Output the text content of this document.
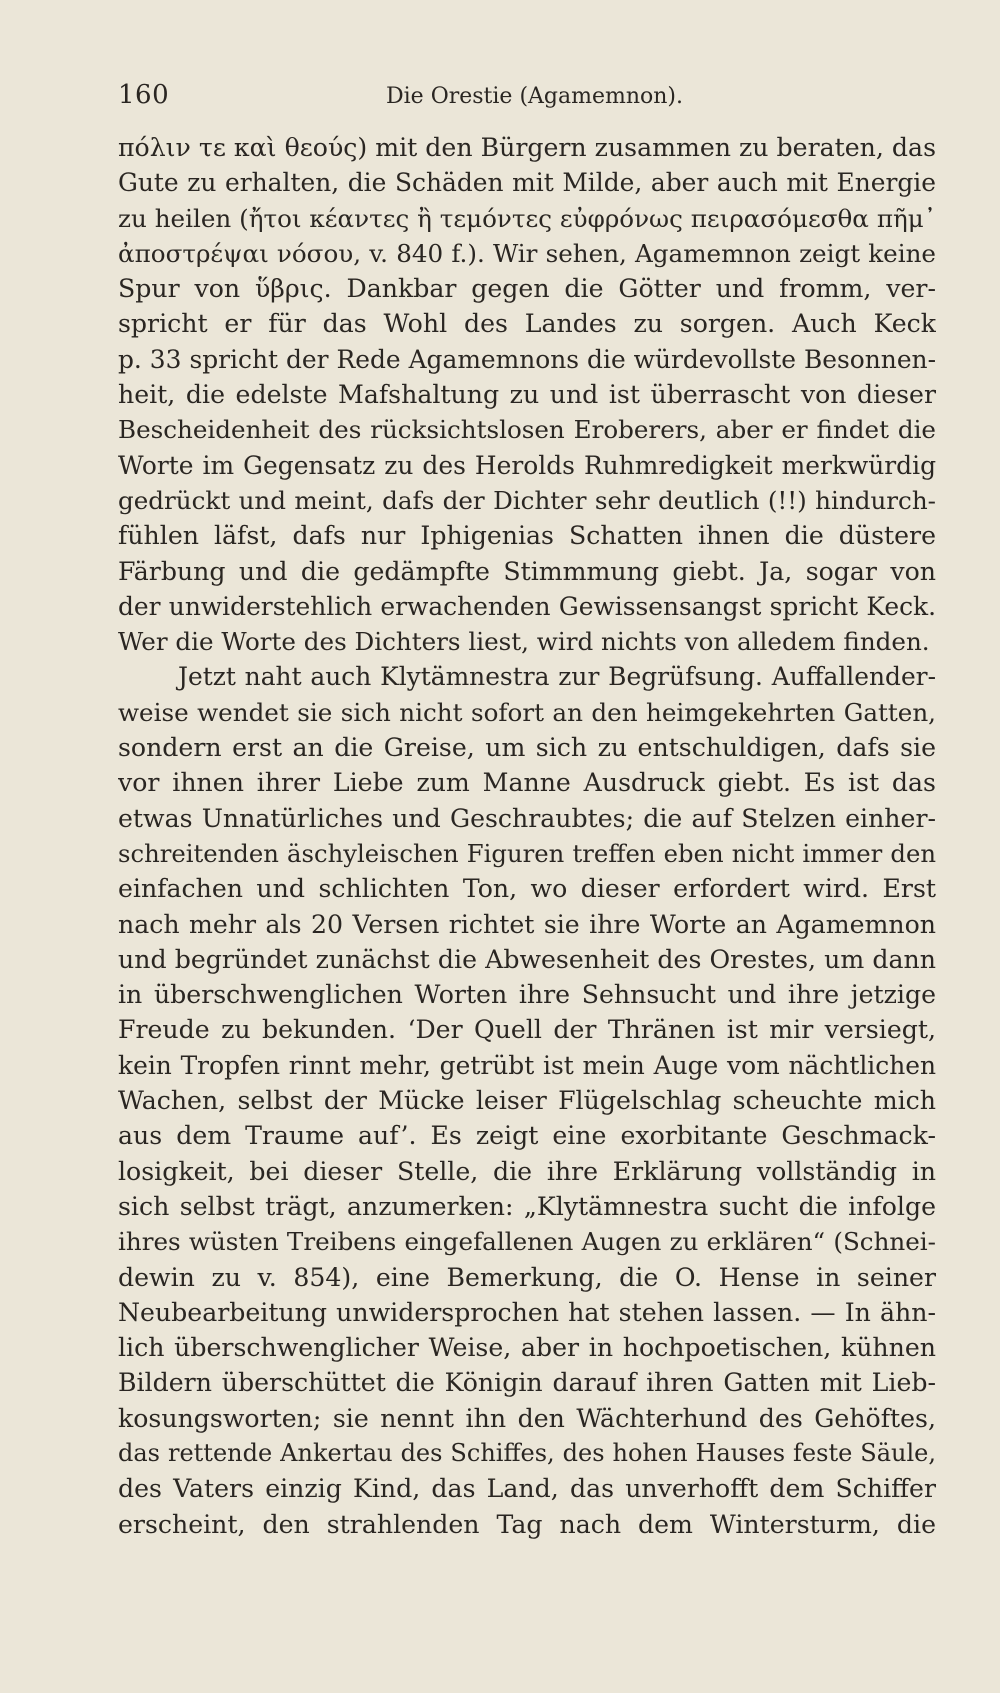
160	Die Orestie (Agamemnon).
πόλιν τε καὶ θεούς) mit den Bürgern zusammen zu beraten, das
Gute zu erhalten, die Schäden mit Milde, aber auch mit Energie
zu heilen (ἤτοι κέαντες ἢ τεμόντες εὐφρόνως πειρασόμεσθα πῆμ᾽
ἀποστρέψαι νόσου, v. 840 f.). Wir sehen, Agamemnon zeigt keine
Spur von ὕβρις. Dankbar gegen die Götter und fromm, ver-
spricht er für das Wohl des Landes zu sorgen. Auch Keck
p. 33 spricht der Rede Agamemnons die würdevollste Besonnen-
heit, die edelste Mafshaltung zu und ist überrascht von dieser
Bescheidenheit des rücksichtslosen Eroberers, aber er findet die
Worte im Gegensatz zu des Herolds Ruhmredigkeit merkwürdig
gedrückt und meint, dafs der Dichter sehr deutlich (!!) hindurch-
fühlen läfst, dafs nur Iphigenias Schatten ihnen die düstere
Färbung und die gedämpfte Stimmmung giebt. Ja, sogar von
der unwiderstehlich erwachenden Gewissensangst spricht Keck.
Wer die Worte des Dichters liest, wird nichts von alledem finden.
Jetzt naht auch Klytämnestra zur Begrüfsung. Auffallender-
weise wendet sie sich nicht sofort an den heimgekehrten Gatten,
sondern erst an die Greise, um sich zu entschuldigen, dafs sie
vor ihnen ihrer Liebe zum Manne Ausdruck giebt. Es ist das
etwas Unnatürliches und Geschraubtes; die auf Stelzen einher-
schreitenden äschyleischen Figuren treffen eben nicht immer den
einfachen und schlichten Ton, wo dieser erfordert wird. Erst
nach mehr als 20 Versen richtet sie ihre Worte an Agamemnon
und begründet zunächst die Abwesenheit des Orestes, um dann
in überschwenglichen Worten ihre Sehnsucht und ihre jetzige
Freude zu bekunden. ‘Der Quell der Thränen ist mir versiegt,
kein Tropfen rinnt mehr, getrübt ist mein Auge vom nächtlichen
Wachen, selbst der Mücke leiser Flügelschlag scheuchte mich
aus dem Traume auf’. Es zeigt eine exorbitante Geschmack-
losigkeit, bei dieser Stelle, die ihre Erklärung vollständig in
sich selbst trägt, anzumerken: „Klytämnestra sucht die infolge
ihres wüsten Treibens eingefallenen Augen zu erklären“ (Schnei-
dewin zu v. 854), eine Bemerkung, die O. Hense in seiner
Neubearbeitung unwidersprochen hat stehen lassen. — In ähn-
lich überschwenglicher Weise, aber in hochpoetischen, kühnen
Bildern überschüttet die Königin darauf ihren Gatten mit Lieb-
kosungsworten; sie nennt ihn den Wächterhund des Gehöftes,
das rettende Ankertau des Schiffes, des hohen Hauses feste Säule,
des Vaters einzig Kind, das Land, das unverhofft dem Schiffer
erscheint, den strahlenden Tag nach dem Wintersturm, die
